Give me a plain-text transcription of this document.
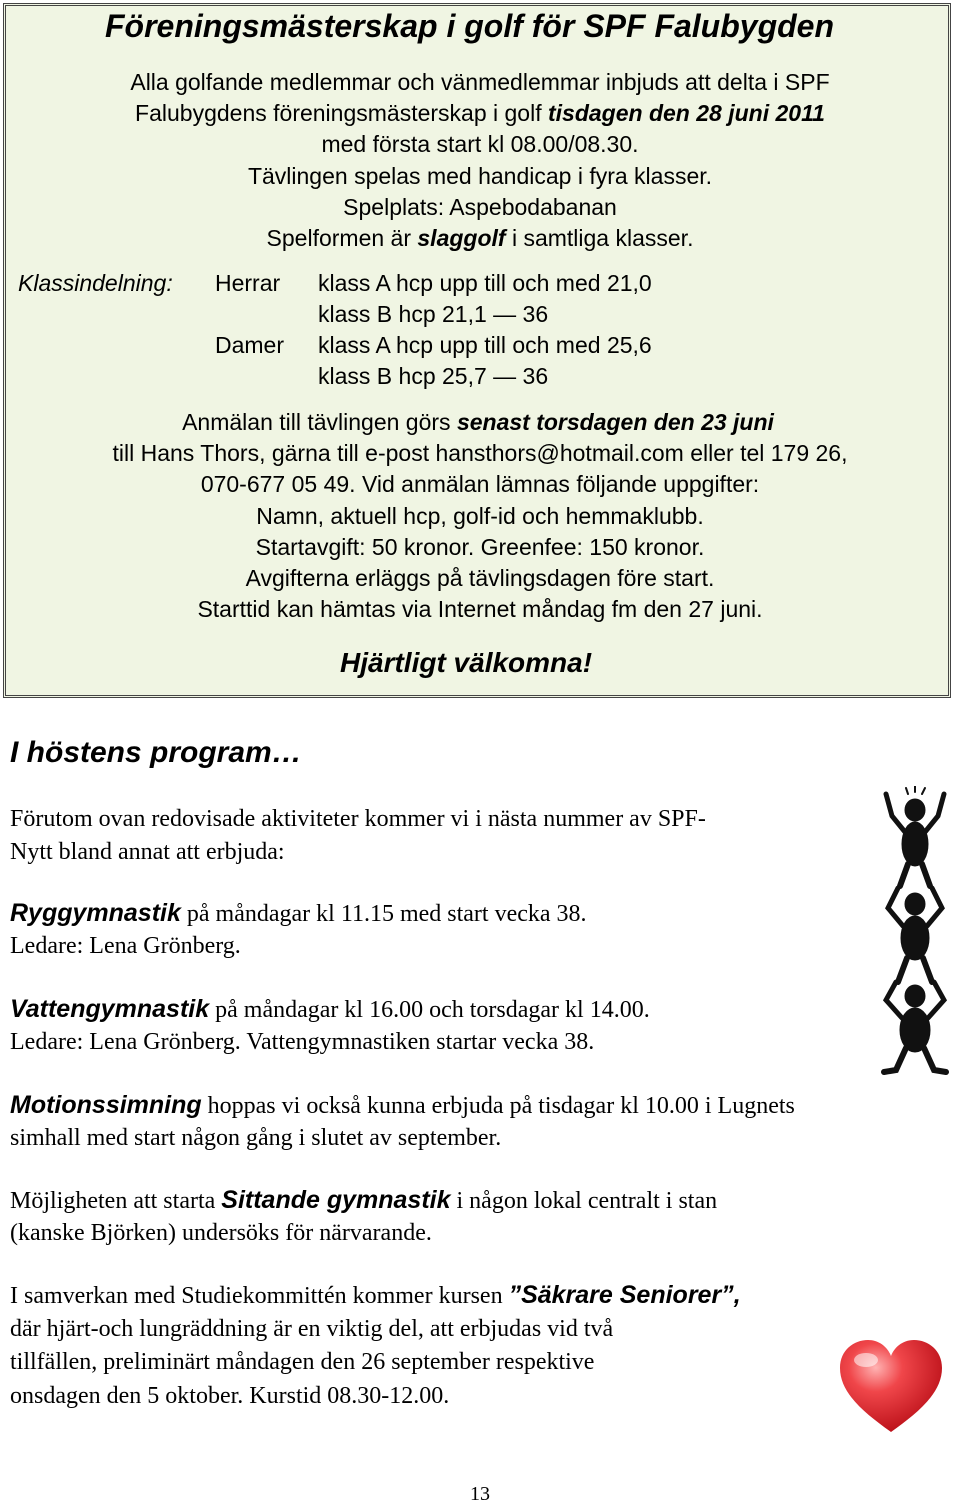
Föreningsmästerskap i golf för SPF Falubygden
Alla golfande medlemmar och vänmedlemmar inbjuds att delta i SPF
Falubygdens föreningsmästerskap i golf tisdagen den 28 juni 2011
med första start kl 08.00/08.30.
Tävlingen spelas med handicap i fyra klasser.
Spelplats: Aspebodabanan
Spelformen är slaggolf i samtliga klasser.
Klassindelning: Herrar klass A hcp upp till och med 21,0
klass B hcp 21,1 — 36
Damer klass A hcp upp till och med 25,6
klass B hcp 25,7 — 36
Anmälan till tävlingen görs senast torsdagen den 23 juni
till Hans Thors, gärna till e-post hansthors@hotmail.com eller tel 179 26,
070-677 05 49. Vid anmälan lämnas följande uppgifter:
Namn, aktuell hcp, golf-id och hemmaklubb.
Startavgift: 50 kronor. Greenfee: 150 kronor.
Avgifterna erläggs på tävlingsdagen före start.
Starttid kan hämtas via Internet måndag fm den 27 juni.
Hjärtligt välkomna!
I höstens program…
Förutom ovan redovisade aktiviteter kommer vi i nästa nummer av SPF-
Nytt bland annat att erbjuda:
Ryggymnastik på måndagar kl 11.15 med start vecka 38.
Ledare: Lena Grönberg.
Vattengymnastik på måndagar kl 16.00 och torsdagar kl 14.00.
Ledare: Lena Grönberg. Vattengymnastiken startar vecka 38.
Motionssimning hoppas vi också kunna erbjuda på tisdagar kl 10.00 i Lugnets
simhall med start någon gång i slutet av september.
Möjligheten att starta Sittande gymnastik i någon lokal centralt i stan
(kanske Björken) undersöks för närvarande.
I samverkan med Studiekommittén kommer kursen ”Säkrare Seniorer”,
där hjärt-och lungräddning är en viktig del, att erbjudas vid två
tillfällen, preliminärt måndagen den 26 september respektive
onsdagen den 5 oktober. Kurstid 08.30-12.00.
13
